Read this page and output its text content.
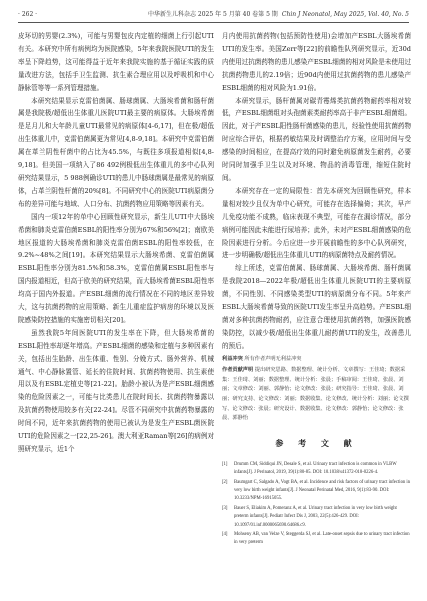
· 262 ·	中华新生儿科杂志 2025 年 5 月第 40 卷第 5 期 Chin J Neonatol, May 2025, Vol. 40, No. 5

皮环切的男婴(2.3%)，可能与男婴包皮内定植的细菌上行引起UTI有关。本研究中所有病例均为医院感染，5年来我院医院UTI的发生率呈下降趋势，这可能得益于近年来我院实施的基于循证实践的质量改进方法，包括手卫生监测、抗生素合理应用以及呼吸机和中心静脉管等等一系列管理措施。

本研究结果显示克雷伯菌属、肠球菌属、大肠埃希菌和肠杆菌属是我院极/超低出生体重儿医院UTI最主要的病原体。大肠埃希菌是足月儿和大年龄儿童UTI最常见的病原体[4-6,17]，但在极/超低出生体重儿中，克雷伯菌属更为常见[4,8-9,18]。本研究中克雷伯菌属在革兰阴性杆菌中的占比为45.5%，与既往多项报道相似[4,8-9,18]。但美国一项纳入了86 492例极低出生体重儿的多中心队列研究结果显示，5 988例确诊UTI的患儿中肠球菌属是最常见的病原体，占革兰阴性杆菌的20%[8]。不同研究中心的医院UTI病原菌分布的差异可能与地域、人口分布、抗菌药物应用策略等因素有关。

国内一项12年的单中心回顾性研究显示，新生儿UTI中大肠埃希菌和肺炎克雷伯菌ESBL的阳性率分别为67%和56%[2]；南欧美地区报道的大肠埃希菌和肺炎克雷伯菌ESBL的阳性率较低，在9.2%~48%之间[19]。本研究结果显示大肠埃希菌、克雷伯菌属ESBL阳性率分别为81.5%和58.3%，克雷伯菌属ESBL阳性率与国内报道相近，但高于欧美的研究结果，而大肠埃希菌ESBL阳性率均高于国内外报道。产ESBL细菌的流行情况在不同的地区差异较大，这与抗菌药物的应用策略、新生儿重症监护病房的环境以及医院感染防控措施的实施密切相关[20]。

虽然我院5年间医院UTI的发生率在下降，但大肠埃希菌的ESBL阳性率却逐年增高。产ESBL细菌的感染和定植与多种因素有关，包括出生胎龄、出生体重、性别、分娩方式、肠外营养、机械通气、中心静脉置管、延长的住院时间、抗菌药物使用、抗生素使用以及有ESBL定植史等[21-22]。胎龄小被认为是产ESBL细菌感染的危险因素之一，可能与比类患儿在院时间长、抗菌药物暴露以及抗菌药物使用较多有关[22-24]。尽管不同研究中抗菌药物暴露的时间不同，近年来抗菌药物的使用已被认为是发生产ESBL菌医院UTI的危险因素之一[22,25-26]。澳大利亚Raman等[26]的病例对照研究显示，近1个

月内使用抗菌药物(包括预防性使用)会增加产ESBL大肠埃希菌UTI的发生率。美国Zerr等[22]的前瞻性队列研究显示，近30d内使用过抗菌药物的患儿感染产ESBL细菌的相对风险是未使用过抗菌药物患儿的2.19倍；近90d内使用过抗菌药物的患儿感染产ESBL细菌的相对风险为1.91倍。

本研究显示，肠杆菌属对碳青霉烯类抗菌药物耐药率相对较低，产ESBL细菌组对头孢菌素类耐药率高于非产ESBL细菌组。因此，对于产ESBL阳性肠杆菌感染的患儿，经验性使用抗菌药物时应综合评估，根据药敏结果及时调整治疗方案，应用时间与受感染的时间相应，在提高疗效的同时避免病原菌发生耐药，必要时同时加强手卫生以及对环境、物品的消毒管理，缩短住院时间。

本研究存在一定的局限性：首先本研究为回顾性研究，样本量相对较少且仅为单中心研究，可能存在选择偏倚；其次，早产儿免疫功能不成熟，临床表现不典型，可能存在漏诊情况，部分病例可能因此未能进行尿培养；此外，未对产ESBL细菌感染的危险因素进行分析。今后应进一步开展前瞻性的多中心队列研究，进一步明确极/超低出生体重儿UTI的病原菌特点及耐药情况。

综上所述，克雷伯菌属、肠球菌属、大肠埃希菌、肠杆菌属是我院2018—2022年极/超低出生体重儿医院UTI的主要病原菌，不同性别、不同感染类型UTI的病原菌分布不同。5年来产ESBL大肠埃希菌导致的医院UTI发生率呈升高趋势。产ESBL细菌对多种抗菌药物耐药，应注意合理使用抗菌药物，加强医院感染防控，以减少极/超低出生体重儿耐药菌UTI的发生，改善患儿的预后。

利益冲突 所有作者声明无利益冲突

作者贡献声明 提出研究思路、数据整理、统计分析、文章撰写：王佳琦；数据采集：王佳琦、刘丽；数据整理、统计分析：张晨；手稿审阅：王佳琦、张晨、刘丽；文章修改：刘丽、郭静怡；论文修改：张晨；研究指导：王佳琦、张晨、刘丽；研究支持、论文修改：刘丽；数据收集、论文修改、统计分析：刘丽；论文撰写、论文修改：张晨；研究设计、数据收集、论文修改：郭静怡；论文修改：张晨、郭静怡

参 考 文 献
[1] Drumm CM, Siddiqui JN, Desale S, et al. Urinary tract infection is common in VLBW infants[J]. J Perinatol, 2019, 39(1):80-85. DOI: 10.1038/s41372-018-0226-4.
[2] Baumgart C, Salgado A, Vogt BA, et al. Incidence and risk factors of urinary tract infection in very low birth weight infants[J]. J Neonatal Perinatal Med, 2016, 9(1):83-90. DOI: 10.3233/NPM-16915055.
[3] Bauer S, Eliakim A, Pomeranz A, et al. Urinary tract infection in very low birth weight preterm infants[J]. Pediatr Infect Dis J, 2003, 22(5):426-429. DOI: 10.1097/01.inf.0000065690.64686.c9.
[4] Mohseny AB, van Velze V, Steggerda SJ, et al. Late-onset sepsis due to urinary tract infection in very preterm
